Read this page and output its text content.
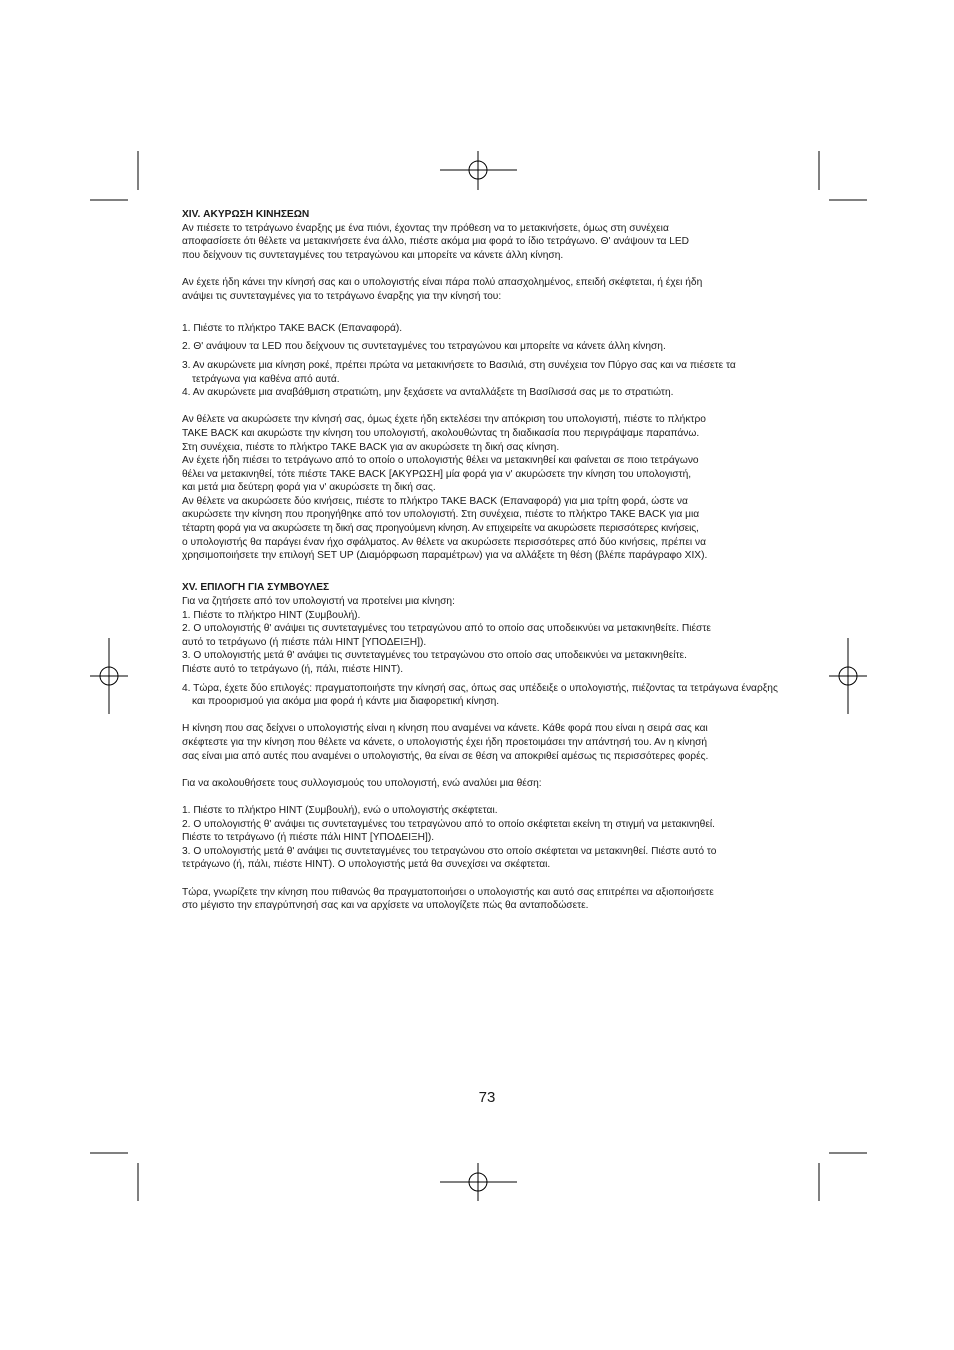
XIV. ΑΚΥΡΩΣΗ ΚΙΝΗΣΕΩΝ

Αν πιέσετε το τετράγωνο έναρξης με ένα πιόνι, έχοντας την πρόθεση να το μετακινήσετε, όμως στη συνέχεια

αποφασίσετε ότι θέλετε να μετακινήσετε ένα άλλο, πιέστε ακόμα μια φορά το ίδιο τετράγωνο. Θ' ανάψουν τα LED

που δείχνουν τις συντεταγμένες του τετραγώνου και μπορείτε να κάνετε άλλη κίνηση.

Αν έχετε ήδη κάνει την κίνησή σας και ο υπολογιστής είναι πάρα πολύ απασχολημένος, επειδή σκέφτεται, ή έχει ήδη

ανάψει τις συντεταγμένες για το τετράγωνο έναρξης για την κίνησή του:

1. Πιέστε το πλήκτρο TAKE BACK (Επαναφορά).

2. Θ' ανάψουν τα LED που δείχνουν τις συντεταγμένες του τετραγώνου και μπορείτε να κάνετε άλλη κίνηση.

3. Αν ακυρώνετε μια κίνηση ροκέ, πρέπει πρώτα να μετακινήσετε το Βασιλιά, στη συνέχεια τον Πύργο σας και να πιέσετε τα τετράγωνα για καθένα από αυτά.

4. Αν ακυρώνετε μια αναβάθμιση στρατιώτη, μην ξεχάσετε να ανταλλάξετε τη Βασίλισσά σας με το στρατιώτη.

Αν θέλετε να ακυρώσετε την κίνησή σας, όμως έχετε ήδη εκτελέσει την απόκριση του υπολογιστή, πιέστε το πλήκτρο

TAKE BACK και ακυρώστε την κίνηση του υπολογιστή, ακολουθώντας τη διαδικασία που περιγράψαμε παραπάνω.

Στη συνέχεια, πιέστε το πλήκτρο TAKE BACK για αν ακυρώσετε τη δική σας κίνηση.

Αν έχετε ήδη πιέσει το τετράγωνο από το οποίο ο υπολογιστής θέλει να μετακινηθεί και φαίνεται σε ποιο τετράγωνο

θέλει να μετακινηθεί, τότε πιέστε TAKE BACK [ΑΚΥΡΩΣΗ] μία φορά για ν' ακυρώσετε την κίνηση του υπολογιστή,

και μετά μια δεύτερη φορά για ν' ακυρώσετε τη δική σας.

Αν θέλετε να ακυρώσετε δύο κινήσεις, πιέστε το πλήκτρο TAKE BACK (Επαναφορά) για μια τρίτη φορά, ώστε να

ακυρώσετε την κίνηση που προηγήθηκε από τον υπολογιστή. Στη συνέχεια, πιέστε το πλήκτρο TAKE BACK για μια

τέταρτη φορά για να ακυρώσετε τη δική σας προηγούμενη κίνηση. Αν επιχειρείτε να ακυρώσετε περισσότερες κινήσεις,

ο υπολογιστής θα παράγει έναν ήχο σφάλματος. Αν θέλετε να ακυρώσετε περισσότερες από δύο κινήσεις, πρέπει να

χρησιμοποιήσετε την επιλογή SET UP (Διαμόρφωση παραμέτρων) για να αλλάξετε τη θέση (βλέπε παράγραφο XIX).

XV. ΕΠΙΛΟΓΗ ΓΙΑ ΣΥΜΒΟΥΛΕΣ

Για να ζητήσετε από τον υπολογιστή να προτείνει μια κίνηση:

1. Πιέστε το πλήκτρο HINT (Συμβουλή).

2. Ο υπολογιστής θ' ανάψει τις συντεταγμένες του τετραγώνου από το οποίο σας υποδεικνύει να μετακινηθείτε. Πιέστε

αυτό το τετράγωνο (ή πιέστε πάλι HINT [ΥΠΟΔΕΙΞΗ]).

3. Ο υπολογιστής μετά θ' ανάψει τις συντεταγμένες του τετραγώνου στο οποίο σας υποδεικνύει να μετακινηθείτε.

Πιέστε αυτό το τετράγωνο (ή, πάλι, πιέστε HINT).

4. Τώρα, έχετε δύο επιλογές: πραγματοποιήστε την κίνησή σας, όπως σας υπέδειξε ο υπολογιστής, πιέζοντας τα τετράγωνα έναρξης και προορισμού για ακόμα μια φορά ή κάντε μια διαφορετική κίνηση.

Η κίνηση που σας δείχνει ο υπολογιστής είναι η κίνηση που αναμένει να κάνετε. Κάθε φορά που είναι η σειρά σας και

σκέφτεστε για την κίνηση που θέλετε να κάνετε, ο υπολογιστής έχει ήδη προετοιμάσει την απάντησή του. Αν η κίνησή

σας είναι μια από αυτές που αναμένει ο υπολογιστής, θα είναι σε θέση να αποκριθεί αμέσως τις περισσότερες φορές.

Για να ακολουθήσετε τους συλλογισμούς του υπολογιστή, ενώ αναλύει μια θέση:

1. Πιέστε το πλήκτρο HINT (Συμβουλή), ενώ ο υπολογιστής σκέφτεται.

2. Ο υπολογιστής θ' ανάψει τις συντεταγμένες του τετραγώνου από το οποίο σκέφτεται εκείνη τη στιγμή να μετακινηθεί.

Πιέστε το τετράγωνο (ή πιέστε πάλι HINT [ΥΠΟΔΕΙΞΗ]).

3. Ο υπολογιστής μετά θ' ανάψει τις συντεταγμένες του τετραγώνου στο οποίο σκέφτεται να μετακινηθεί. Πιέστε αυτό το

τετράγωνο (ή, πάλι, πιέστε HINT). Ο υπολογιστής μετά θα συνεχίσει να σκέφτεται.

Τώρα, γνωρίζετε την κίνηση που πιθανώς θα πραγματοποιήσει ο υπολογιστής και αυτό σας επιτρέπει να αξιοποιήσετε

στο μέγιστο την επαγρύπνησή σας και να αρχίσετε να υπολογίζετε πώς θα ανταποδώσετε.

73
